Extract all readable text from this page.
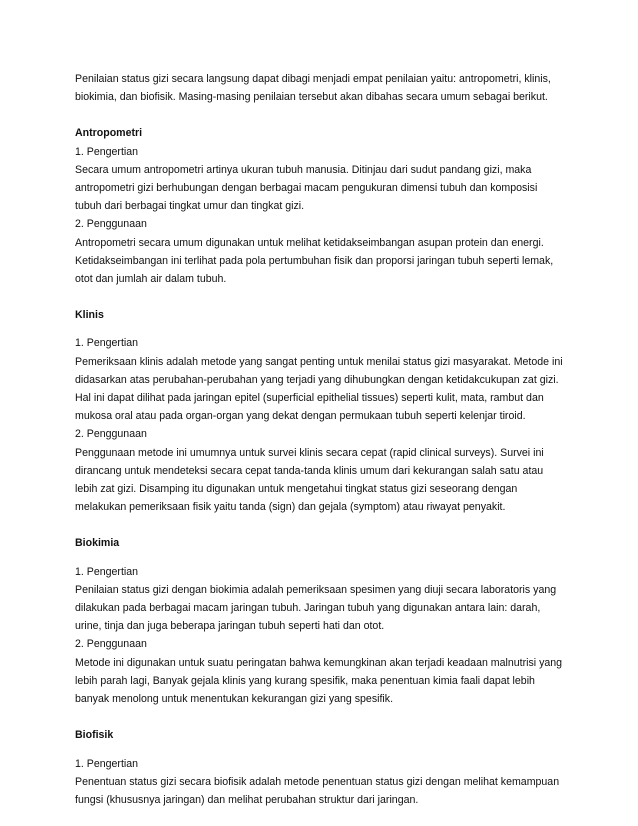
Penilaian status gizi secara langsung dapat dibagi menjadi empat penilaian yaitu: antropometri, klinis,
biokimia, dan biofisik. Masing-masing penilaian tersebut akan dibahas secara umum sebagai berikut.
Antropometri
1. Pengertian
Secara umum antropometri artinya ukuran tubuh manusia. Ditinjau dari sudut pandang gizi, maka
antropometri gizi berhubungan dengan berbagai macam pengukuran dimensi tubuh dan komposisi
tubuh dari berbagai tingkat umur dan tingkat gizi.
2. Penggunaan
Antropometri secara umum digunakan untuk melihat ketidakseimbangan asupan protein dan energi.
Ketidakseimbangan ini terlihat pada pola pertumbuhan fisik dan proporsi jaringan tubuh seperti lemak,
otot dan jumlah air dalam tubuh.
Klinis
1. Pengertian
Pemeriksaan klinis adalah metode yang sangat penting untuk menilai status gizi masyarakat. Metode ini
didasarkan atas perubahan-perubahan yang terjadi yang dihubungkan dengan ketidakcukupan zat gizi.
Hal ini dapat dilihat pada jaringan epitel (superficial epithelial tissues) seperti kulit, mata, rambut dan
mukosa oral atau pada organ-organ yang dekat dengan permukaan tubuh seperti kelenjar tiroid.
2. Penggunaan
Penggunaan metode ini umumnya untuk survei klinis secara cepat (rapid clinical surveys). Survei ini
dirancang untuk mendeteksi secara cepat tanda-tanda klinis umum dari kekurangan salah satu atau
lebih zat gizi. Disamping itu digunakan untuk mengetahui tingkat status gizi seseorang dengan
melakukan pemeriksaan fisik yaitu tanda (sign) dan gejala (symptom) atau riwayat penyakit.
Biokimia
1. Pengertian
Penilaian status gizi dengan biokimia adalah pemeriksaan spesimen yang diuji secara laboratoris yang
dilakukan pada berbagai macam jaringan tubuh. Jaringan tubuh yang digunakan antara lain: darah,
urine, tinja dan juga beberapa jaringan tubuh seperti hati dan otot.
2. Penggunaan
Metode ini digunakan untuk suatu peringatan bahwa kemungkinan akan terjadi keadaan malnutrisi yang
lebih parah lagi, Banyak gejala klinis yang kurang spesifik, maka penentuan kimia faali dapat lebih
banyak menolong untuk menentukan kekurangan gizi yang spesifik.
Biofisik
1. Pengertian
Penentuan status gizi secara biofisik adalah metode penentuan status gizi dengan melihat kemampuan
fungsi (khususnya jaringan) dan melihat perubahan struktur dari jaringan.
